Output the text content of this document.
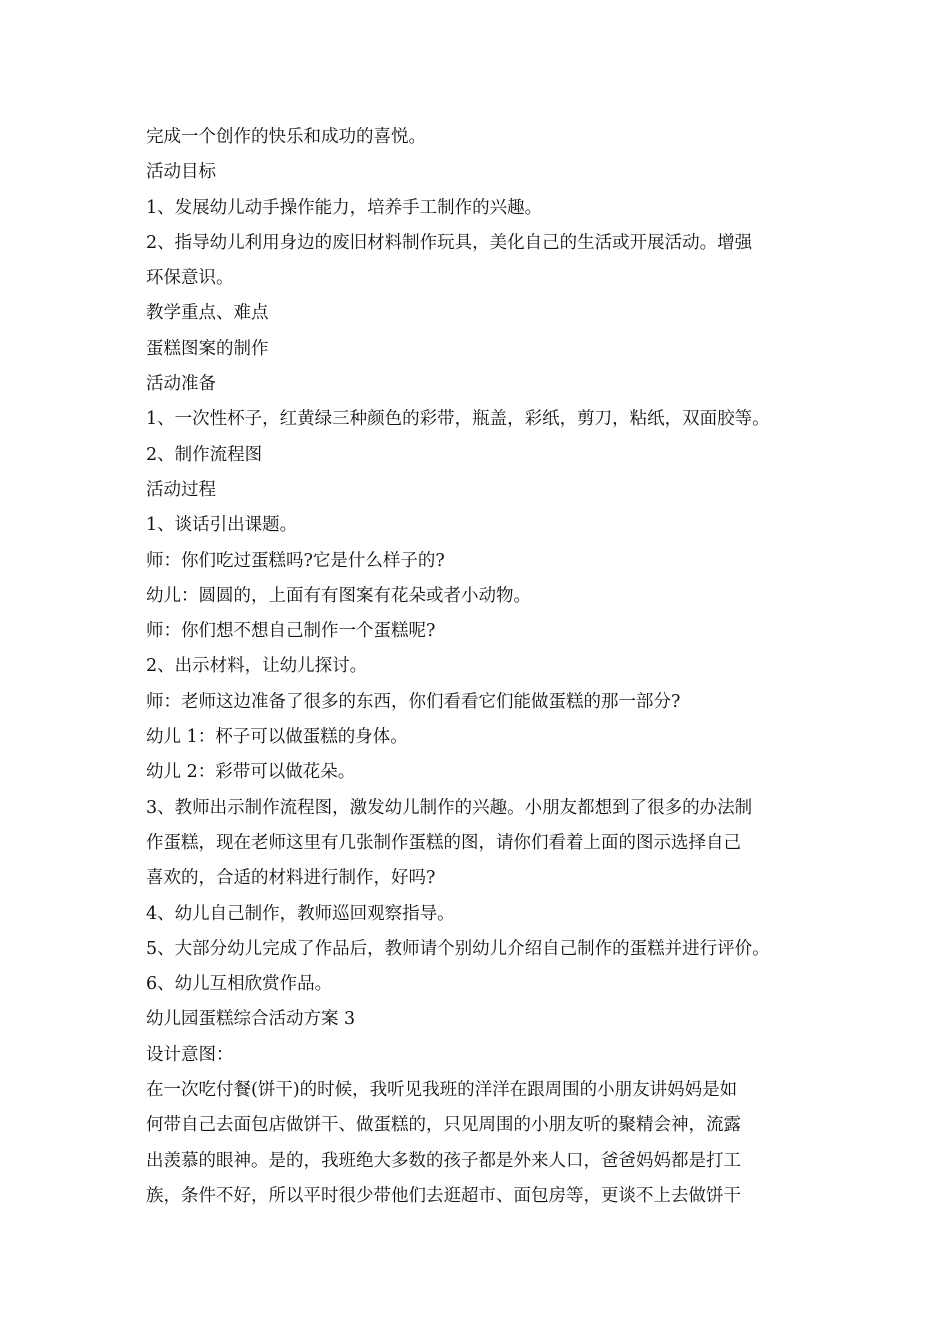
完成一个创作的快乐和成功的喜悦。
活动目标
1、发展幼儿动手操作能力，培养手工制作的兴趣。
2、指导幼儿利用身边的废旧材料制作玩具，美化自己的生活或开展活动。增强
环保意识。
教学重点、难点
蛋糕图案的制作
活动准备
1、一次性杯子，红黄绿三种颜色的彩带，瓶盖，彩纸，剪刀，粘纸，双面胶等。
2、制作流程图
活动过程
1、谈话引出课题。
师：你们吃过蛋糕吗?它是什么样子的?
幼儿：圆圆的，上面有有图案有花朵或者小动物。
师：你们想不想自己制作一个蛋糕呢?
2、出示材料，让幼儿探讨。
师：老师这边准备了很多的东西，你们看看它们能做蛋糕的那一部分?
幼儿 1：杯子可以做蛋糕的身体。
幼儿 2：彩带可以做花朵。
3、教师出示制作流程图，激发幼儿制作的兴趣。小朋友都想到了很多的办法制
作蛋糕，现在老师这里有几张制作蛋糕的图，请你们看着上面的图示选择自己
喜欢的，合适的材料进行制作，好吗?
4、幼儿自己制作，教师巡回观察指导。
5、大部分幼儿完成了作品后，教师请个别幼儿介绍自己制作的蛋糕并进行评价。
6、幼儿互相欣赏作品。
幼儿园蛋糕综合活动方案 3
设计意图：
在一次吃付餐(饼干)的时候，我听见我班的洋洋在跟周围的小朋友讲妈妈是如
何带自己去面包店做饼干、做蛋糕的，只见周围的小朋友听的聚精会神，流露
出羡慕的眼神。是的，我班绝大多数的孩子都是外来人口，爸爸妈妈都是打工
族，条件不好，所以平时很少带他们去逛超市、面包房等，更谈不上去做饼干
